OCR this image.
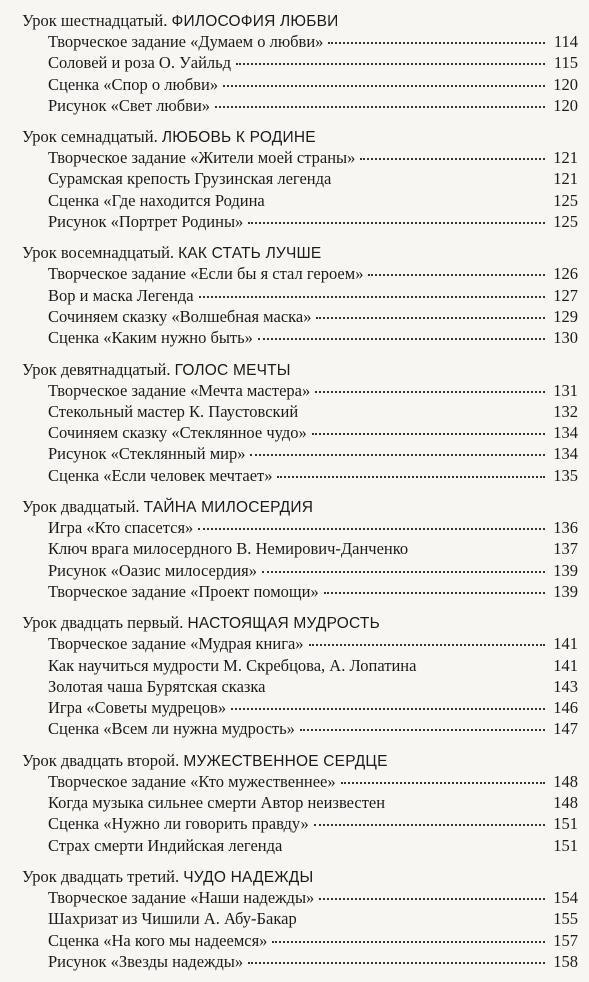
Урок шестнадцатый. ФИЛОСОФИЯ ЛЮБВИ
Творческое задание «Думаем о любви»	114
Соловей и роза О. Уайльд	115
Сценка «Спор о любви»	120
Рисунок «Свет любви»	120
Урок семнадцатый. ЛЮБОВЬ К РОДИНЕ
Творческое задание «Жители моей страны»	121
Сурамская крепость Грузинская легенда	121
Сценка «Где находится Родина	125
Рисунок «Портрет Родины»	125
Урок восемнадцатый. КАК СТАТЬ ЛУЧШЕ
Творческое задание «Если бы я стал героем»	126
Вор и маска Легенда	127
Сочиняем сказку «Волшебная маска»	129
Сценка «Каким нужно быть»	130
Урок девятнадцатый. ГОЛОС МЕЧТЫ
Творческое задание «Мечта мастера»	131
Стекольный мастер К. Паустовский	132
Сочиняем сказку «Стеклянное чудо»	134
Рисунок «Стеклянный мир»	134
Сценка «Если человек мечтает»	135
Урок двадцатый. ТАЙНА МИЛОСЕРДИЯ
Игра «Кто спасется»	136
Ключ врага милосердного В. Немирович-Данченко	137
Рисунок «Оазис милосердия»	139
Творческое задание «Проект помощи»	139
Урок двадцать первый. НАСТОЯЩАЯ МУДРОСТЬ
Творческое задание «Мудрая книга»	141
Как научиться мудрости М. Скребцова, А. Лопатина	141
Золотая чаша Бурятская сказка	143
Игра «Советы мудрецов»	146
Сценка «Всем ли нужна мудрость»	147
Урок двадцать второй. МУЖЕСТВЕННОЕ СЕРДЦЕ
Творческое задание «Кто мужественнее»	148
Когда музыка сильнее смерти Автор неизвестен	148
Сценка «Нужно ли говорить правду»	151
Страх смерти Индийская легенда	151
Урок двадцать третий. ЧУДО НАДЕЖДЫ
Творческое задание «Наши надежды»	154
Шахризат из Чишили А. Абу-Бакар	155
Сценка «На кого мы надеемся»	157
Рисунок «Звезды надежды»	158
